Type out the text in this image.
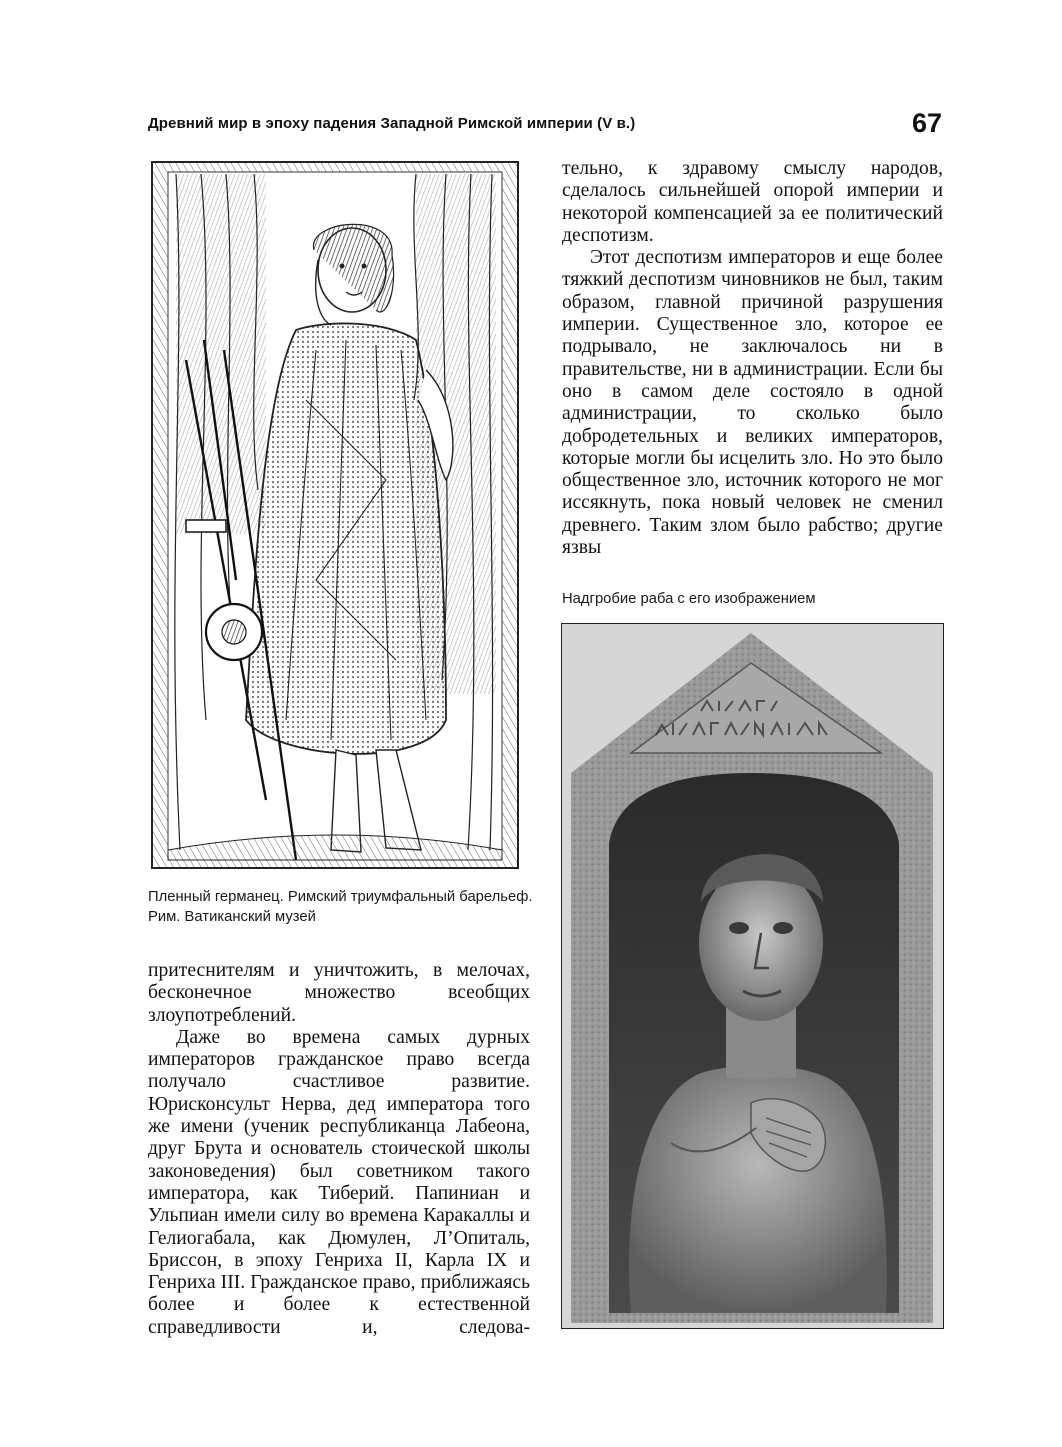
Древний мир в эпоху падения Западной Римской империи (V в.)	67
Пленный германец. Римский триумфальный барельеф. Рим. Ватиканский музей

тельно, к здравому смыслу народов, сделалось сильнейшей опорой империи и некоторой компенсацией за ее политический деспотизм.

Этот деспотизм императоров и еще более тяжкий деспотизм чиновников не был, таким образом, главной причиной разрушения империи. Существенное зло, которое ее подрывало, не заключалось ни в правительстве, ни в администрации. Если бы оно в самом деле состояло в одной администрации, то сколько было добродетельных и великих императоров, которые могли бы исцелить зло. Но это было общественное зло, источник которого не мог иссякнуть, пока новый человек не сменил древнего. Таким злом было рабство; другие язвы

Надгробие раба с его изображением

притеснителям и уничтожить, в мелочах, бесконечное множество всеобщих злоупотреблений.

Даже во времена самых дурных императоров гражданское право всегда получало счастливое развитие. Юрисконсульт Нерва, дед императора того же имени (ученик республиканца Лабеона, друг Брута и основатель стоической школы законоведения) был советником такого императора, как Тиберий. Папиниан и Ульпиан имели силу во времена Каракаллы и Гелиогабала, как Дюмулен, Л’Опиталь, Бриссон, в эпоху Генриха II, Карла IX и Генриха III. Гражданское право, приближаясь более и более к естественной справедливости и, следова-
